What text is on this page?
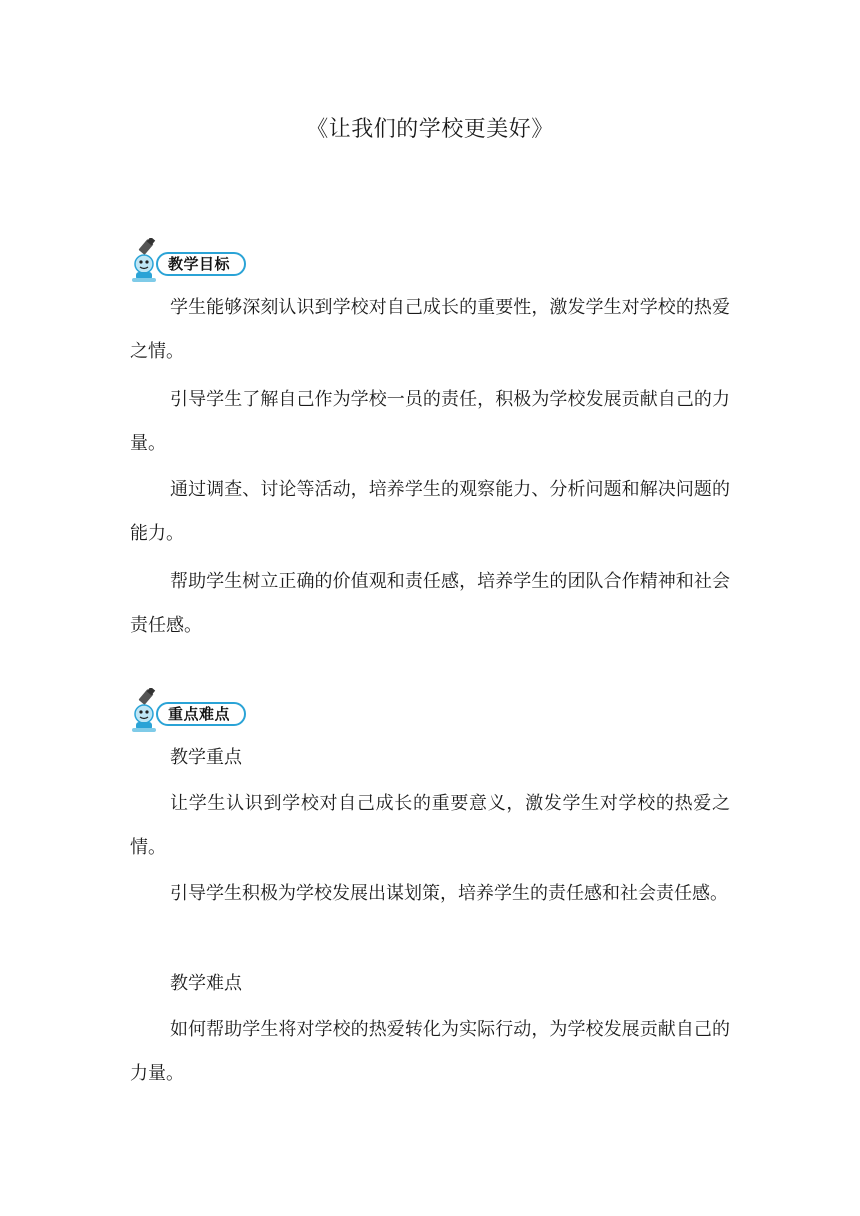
《让我们的学校更美好》
教学目标

学生能够深刻认识到学校对自己成长的重要性，激发学生对学校的热爱之情。

引导学生了解自己作为学校一员的责任，积极为学校发展贡献自己的力量。

通过调查、讨论等活动，培养学生的观察能力、分析问题和解决问题的能力。

帮助学生树立正确的价值观和责任感，培养学生的团队合作精神和社会责任感。

重点难点

教学重点

让学生认识到学校对自己成长的重要意义，激发学生对学校的热爱之情。

引导学生积极为学校发展出谋划策，培养学生的责任感和社会责任感。

教学难点

如何帮助学生将对学校的热爱转化为实际行动，为学校发展贡献自己的力量。
